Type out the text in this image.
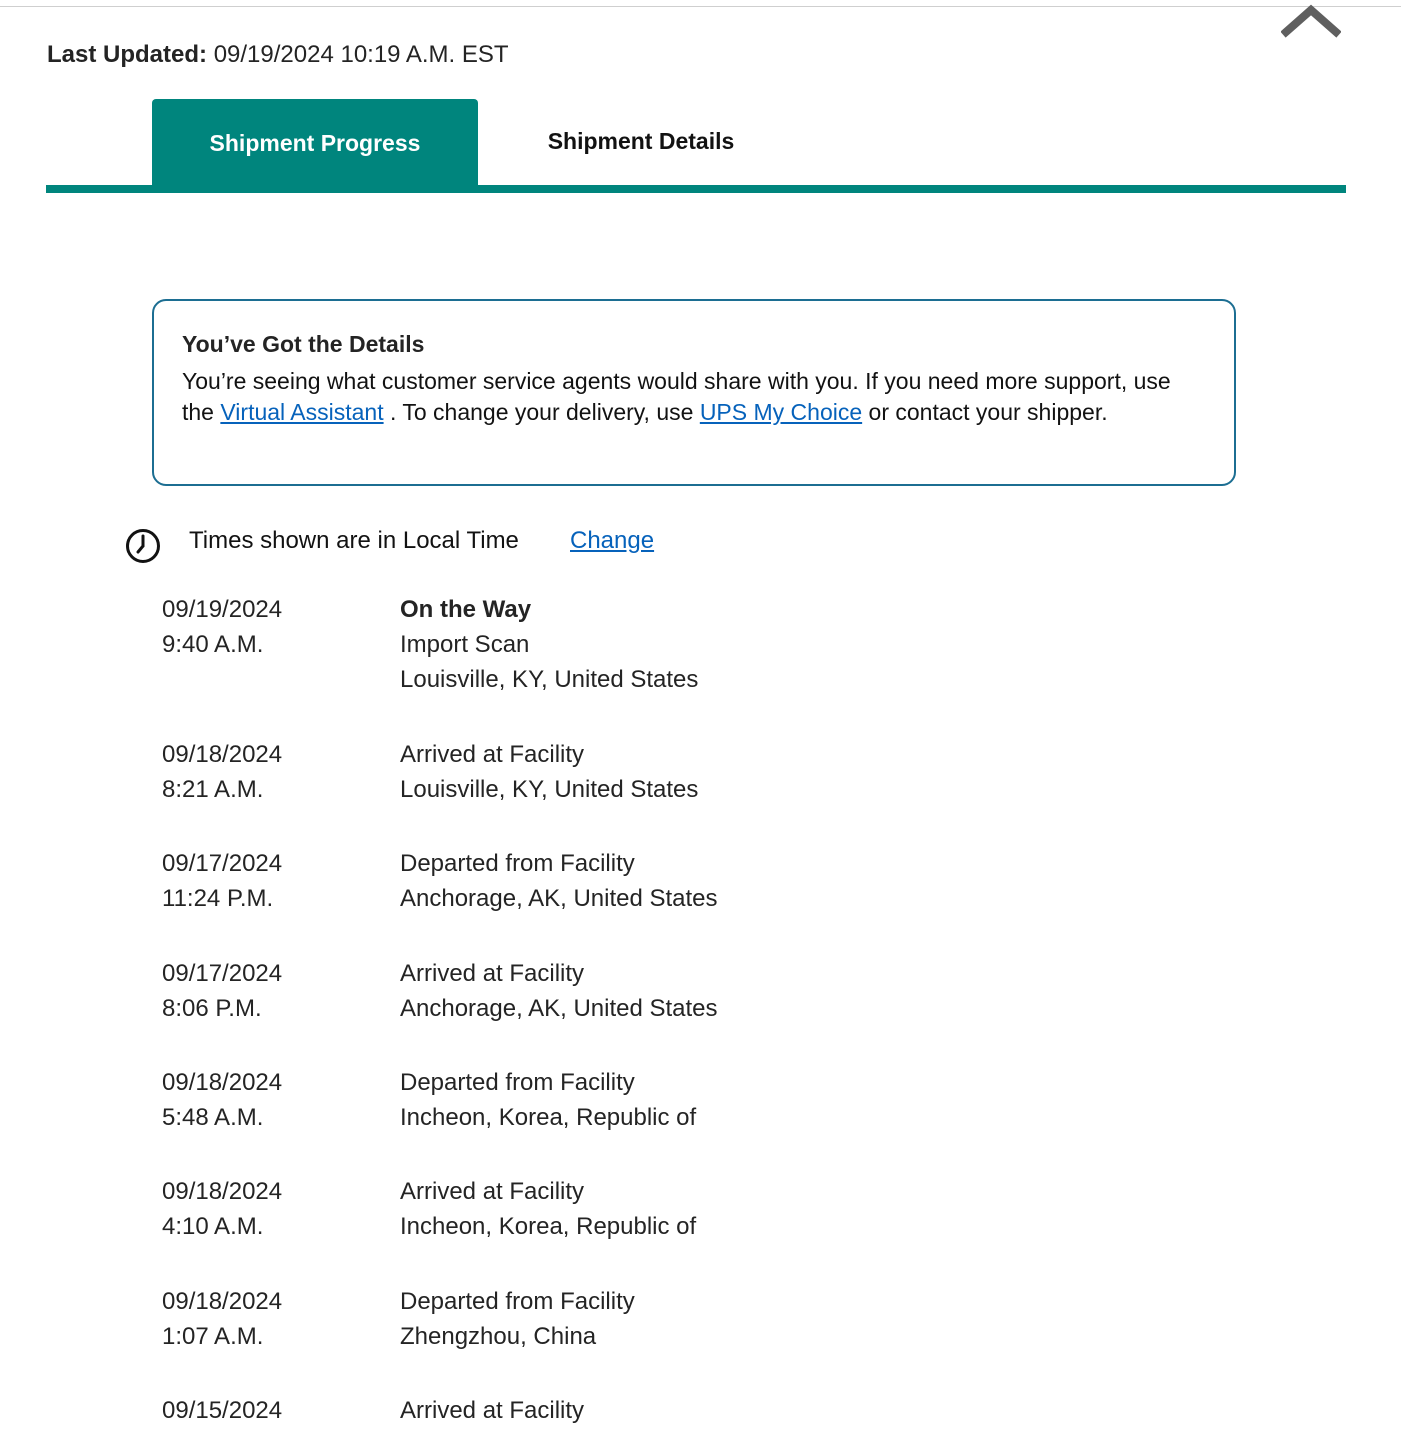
Last Updated: 09/19/2024 10:19 A.M. EST
Shipment Progress	Shipment Details

You’ve Got the Details

You’re seeing what customer service agents would share with you. If you need more support, use the Virtual Assistant . To change your delivery, use UPS My Choice or contact your shipper.

Times shown are in Local Time Change
09/19/2024
9:40 A.M.
On the Way
Import Scan
Louisville, KY, United States
09/18/2024
8:21 A.M.
Arrived at Facility
Louisville, KY, United States
09/17/2024
11:24 P.M.
Departed from Facility
Anchorage, AK, United States
09/17/2024
8:06 P.M.
Arrived at Facility
Anchorage, AK, United States
09/18/2024
5:48 A.M.
Departed from Facility
Incheon, Korea, Republic of
09/18/2024
4:10 A.M.
Arrived at Facility
Incheon, Korea, Republic of
09/18/2024
1:07 A.M.
Departed from Facility
Zhengzhou, China
09/15/2024	Arrived at Facility
